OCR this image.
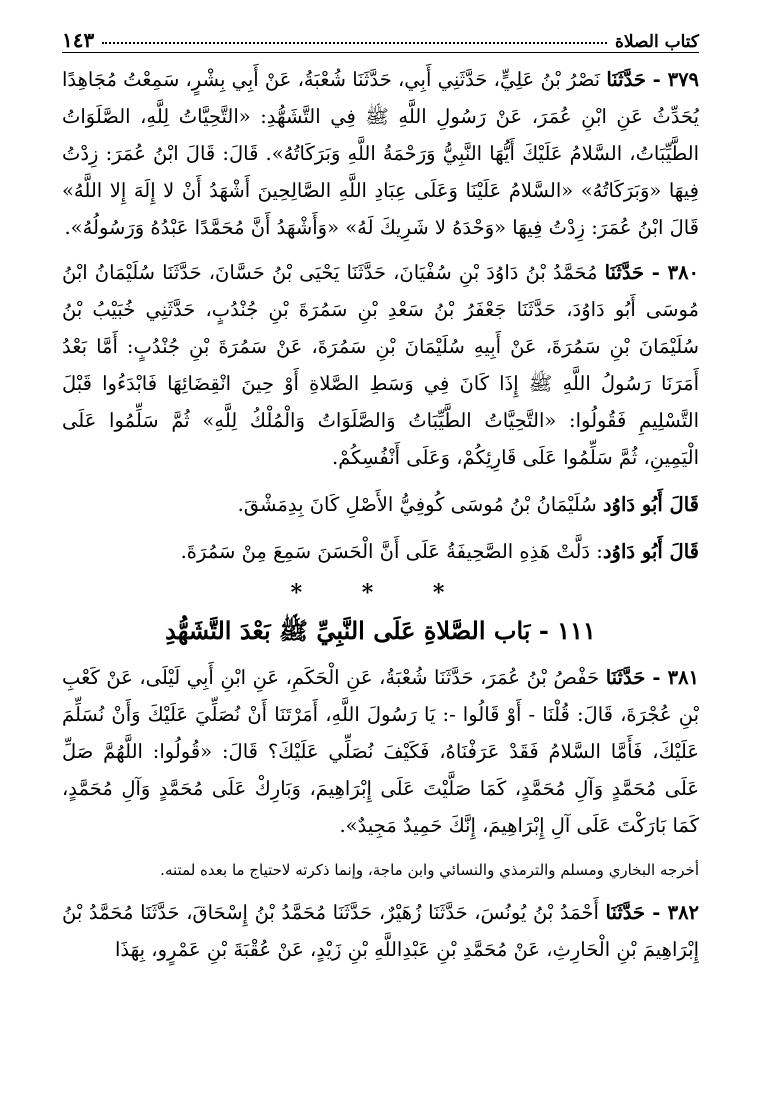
كتاب الصلاة
١٤٣

٣٧٩ - حَدَّثَنَا نَصْرُ بْنُ عَلِيٍّ، حَدَّثَنِي أَبِي، حَدَّثَنَا شُعْبَةُ، عَنْ أَبِي بِشْرٍ، سَمِعْتُ مُجَاهِدًا يُحَدِّثُ عَنِ ابْنِ عُمَرَ، عَنْ رَسُولِ اللَّهِ ﷺ فِي التَّشَهُّدِ: «التَّحِيَّاتُ لِلَّهِ، الصَّلَوَاتُ الطَّيِّبَاتُ، السَّلامُ عَلَيْكَ أَيُّهَا النَّبِيُّ وَرَحْمَةُ اللَّهِ وَبَرَكَاتُهُ». قَالَ: قَالَ ابْنُ عُمَرَ: زِدْتُ فِيهَا «وَبَرَكَاتُهُ» «السَّلامُ عَلَيْنَا وَعَلَى عِبَادِ اللَّهِ الصَّالِحِينَ أَشْهَدُ أَنْ لا إِلَهَ إِلا اللَّهُ» قَالَ ابْنُ عُمَرَ: زِدْتُ فِيهَا «وَحْدَهُ لا شَرِيكَ لَهُ» «وَأَشْهَدُ أَنَّ مُحَمَّدًا عَبْدُهُ وَرَسُولُهُ».

٣٨٠ - حَدَّثَنَا مُحَمَّدُ بْنُ دَاوُدَ بْنِ سُفْيَانَ، حَدَّثَنَا يَحْيَى بْنُ حَسَّانَ، حَدَّثَنَا سُلَيْمَانُ ابْنُ مُوسَى أَبُو دَاوُدَ، حَدَّثَنَا جَعْفَرُ بْنُ سَعْدِ بْنِ سَمُرَةَ بْنِ جُنْدُبٍ، حَدَّثَنِي خُبَيْبُ بْنُ سُلَيْمَانَ بْنِ سَمُرَةَ، عَنْ أَبِيهِ سُلَيْمَانَ بْنِ سَمُرَةَ، عَنْ سَمُرَةَ بْنِ جُنْدُبٍ: أَمَّا بَعْدُ أَمَرَنَا رَسُولُ اللَّهِ ﷺ إِذَا كَانَ فِي وَسَطِ الصَّلاةِ أَوْ حِينَ انْقِضَائِهَا فَابْدَءُوا قَبْلَ التَّسْلِيمِ فَقُولُوا: «التَّحِيَّاتُ الطَّيِّبَاتُ وَالصَّلَوَاتُ وَالْمُلْكُ لِلَّهِ» ثُمَّ سَلِّمُوا عَلَى الْيَمِينِ، ثُمَّ سَلِّمُوا عَلَى قَارِئِكُمْ، وَعَلَى أَنْفُسِكُمْ.

قَالَ أَبُو دَاوُد سُلَيْمَانُ بْنُ مُوسَى كُوفِيُّ الأَصْلِ كَانَ بِدِمَشْقَ.

قَالَ أَبُو دَاوُد: دَلَّتْ هَذِهِ الصَّحِيفَةُ عَلَى أَنَّ الْحَسَنَ سَمِعَ مِنْ سَمُرَةَ.

* * *
١١١ - بَاب الصَّلاةِ عَلَى النَّبِيِّ ﷺ بَعْدَ التَّشَهُّدِ

٣٨١ - حَدَّثَنَا حَفْصُ بْنُ عُمَرَ، حَدَّثَنَا شُعْبَةُ، عَنِ الْحَكَمِ، عَنِ ابْنِ أَبِي لَيْلَى، عَنْ كَعْبِ بْنِ عُجْرَةَ، قَالَ: قُلْنَا - أَوْ قَالُوا -: يَا رَسُولَ اللَّهِ، أَمَرْتَنَا أَنْ نُصَلِّيَ عَلَيْكَ وَأَنْ نُسَلِّمَ عَلَيْكَ، فَأَمَّا السَّلامُ فَقَدْ عَرَفْنَاهُ، فَكَيْفَ نُصَلِّي عَلَيْكَ؟ قَالَ: «قُولُوا: اللَّهُمَّ صَلِّ عَلَى مُحَمَّدٍ وَآلِ مُحَمَّدٍ، كَمَا صَلَّيْتَ عَلَى إِبْرَاهِيمَ، وَبَارِكْ عَلَى مُحَمَّدٍ وَآلِ مُحَمَّدٍ، كَمَا بَارَكْتَ عَلَى آلِ إِبْرَاهِيمَ، إِنَّكَ حَمِيدٌ مَجِيدٌ».

أخرجه البخاري ومسلم والترمذي والنسائي وابن ماجة، وإنما ذكرته لاحتياج ما بعده لمتنه.

٣٨٢ - حَدَّثَنَا أَحْمَدُ بْنُ يُونُسَ، حَدَّثَنَا زُهَيْرٌ، حَدَّثَنَا مُحَمَّدُ بْنُ إِسْحَاقَ، حَدَّثَنَا مُحَمَّدُ بْنُ إِبْرَاهِيمَ بْنِ الْحَارِثِ، عَنْ مُحَمَّدِ بْنِ عَبْدِاللَّهِ بْنِ زَيْدٍ، عَنْ عُقْبَةَ بْنِ عَمْرٍو، بِهَذَا
